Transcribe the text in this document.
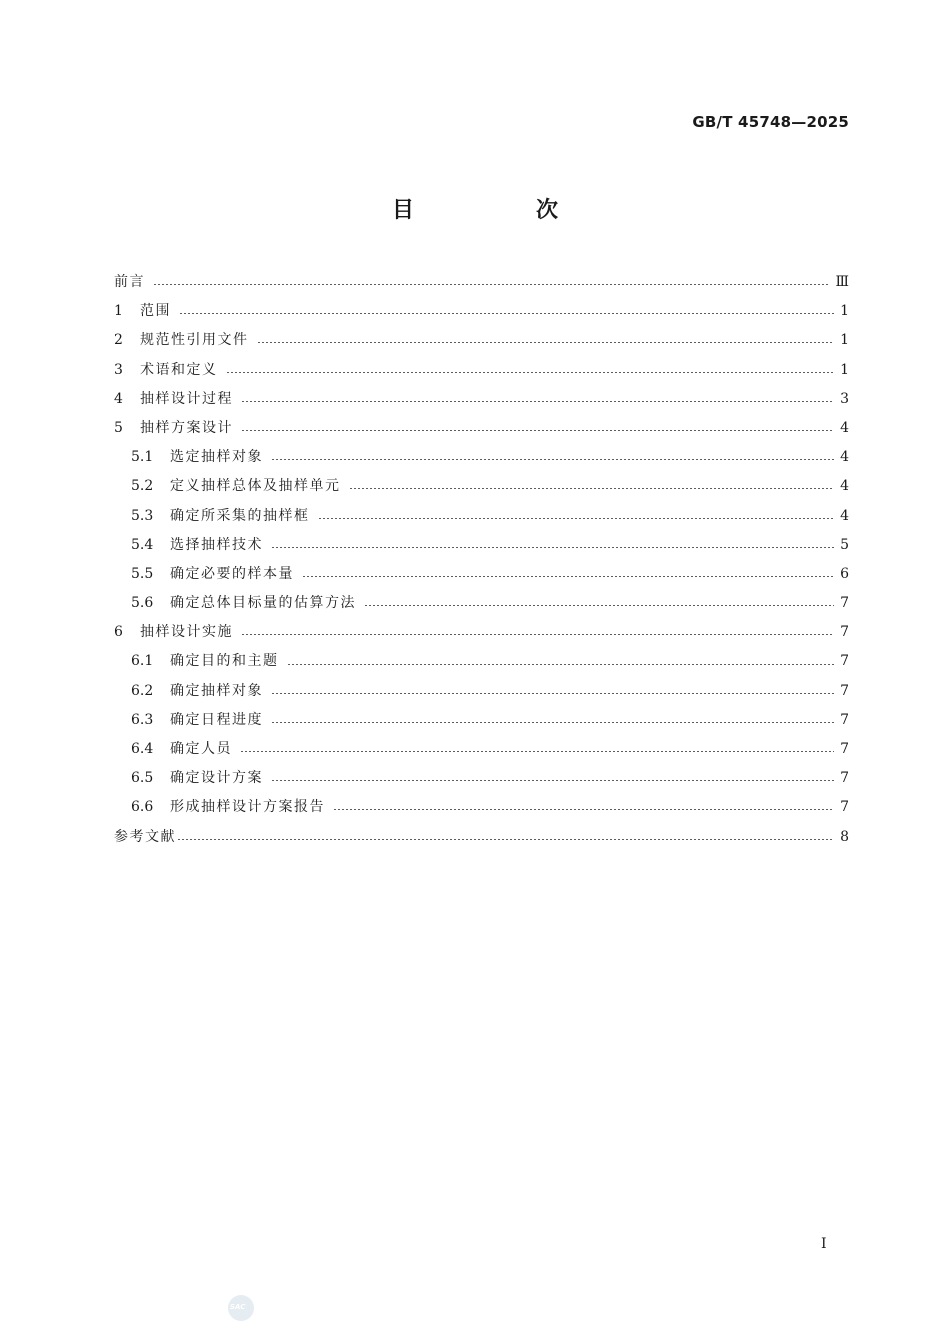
GB/T 45748—2025
目　次
前言	Ⅲ
1	范围	1
2	规范性引用文件	1
3	术语和定义	1
4	抽样设计过程	3
5	抽样方案设计	4
5.1	选定抽样对象	4
5.2	定义抽样总体及抽样单元	4
5.3	确定所采集的抽样框	4
5.4	选择抽样技术	5
5.5	确定必要的样本量	6
5.6	确定总体目标量的估算方法	7
6	抽样设计实施	7
6.1	确定目的和主题	7
6.2	确定抽样对象	7
6.3	确定日程进度	7
6.4	确定人员	7
6.5	确定设计方案	7
6.6	形成抽样设计方案报告	7
参考文献	8
I
SAC
